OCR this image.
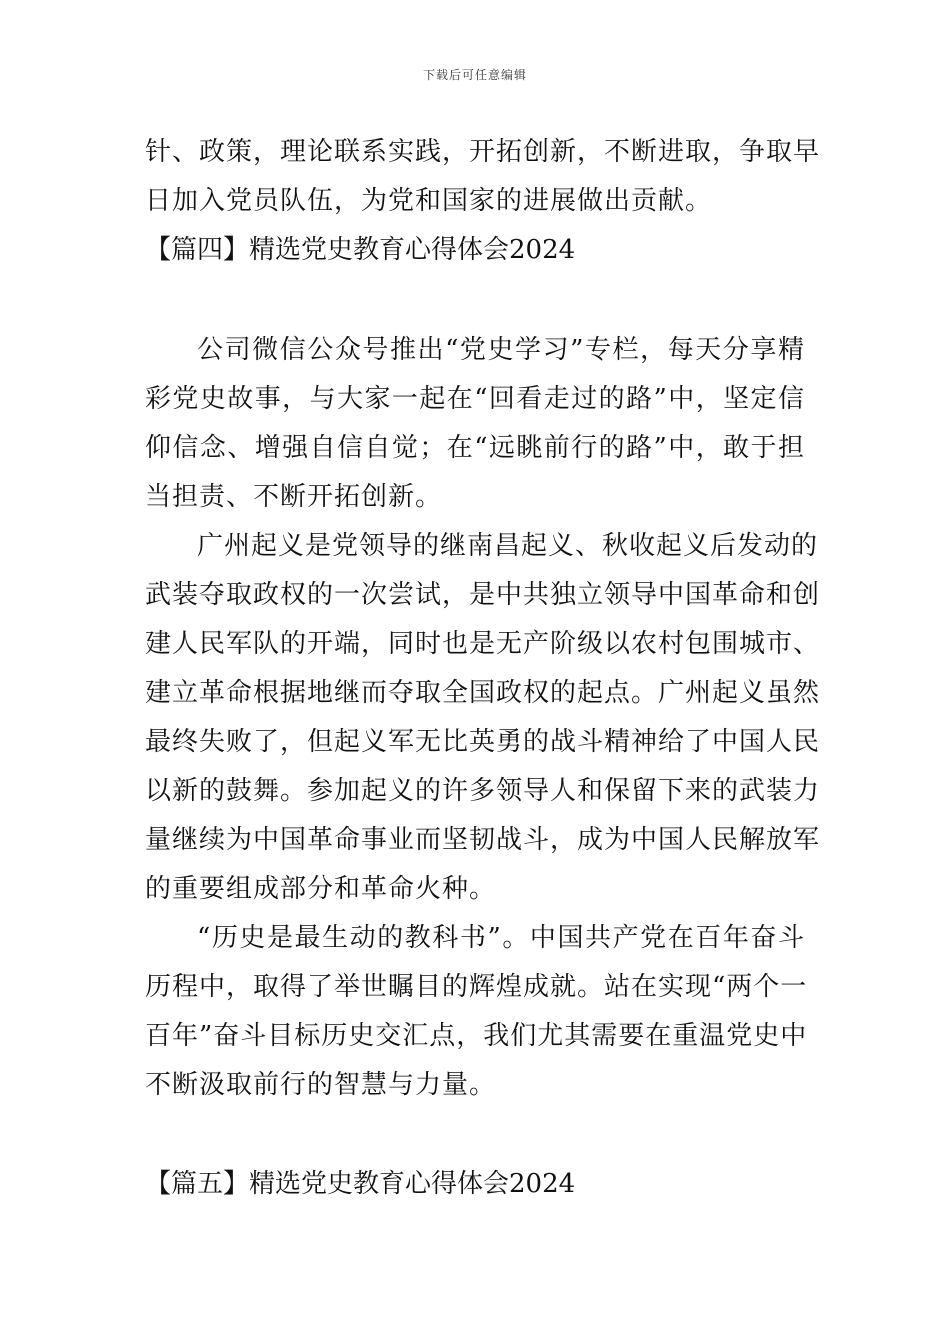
下载后可任意编辑
针、政策，理论联系实践，开拓创新，不断进取，争取早
日加入党员队伍，为党和国家的进展做出贡献。
【篇四】精选党史教育心得体会2024
公司微信公众号推出“党史学习”专栏，每天分享精
彩党史故事，与大家一起在“回看走过的路”中，坚定信
仰信念、增强自信自觉；在“远眺前行的路”中，敢于担
当担责、不断开拓创新。
广州起义是党领导的继南昌起义、秋收起义后发动的
武装夺取政权的一次尝试，是中共独立领导中国革命和创
建人民军队的开端，同时也是无产阶级以农村包围城市、
建立革命根据地继而夺取全国政权的起点。广州起义虽然
最终失败了，但起义军无比英勇的战斗精神给了中国人民
以新的鼓舞。参加起义的许多领导人和保留下来的武装力
量继续为中国革命事业而坚韧战斗，成为中国人民解放军
的重要组成部分和革命火种。
“历史是最生动的教科书”。中国共产党在百年奋斗
历程中，取得了举世瞩目的辉煌成就。站在实现“两个一
百年”奋斗目标历史交汇点，我们尤其需要在重温党史中
不断汲取前行的智慧与力量。
【篇五】精选党史教育心得体会2024
